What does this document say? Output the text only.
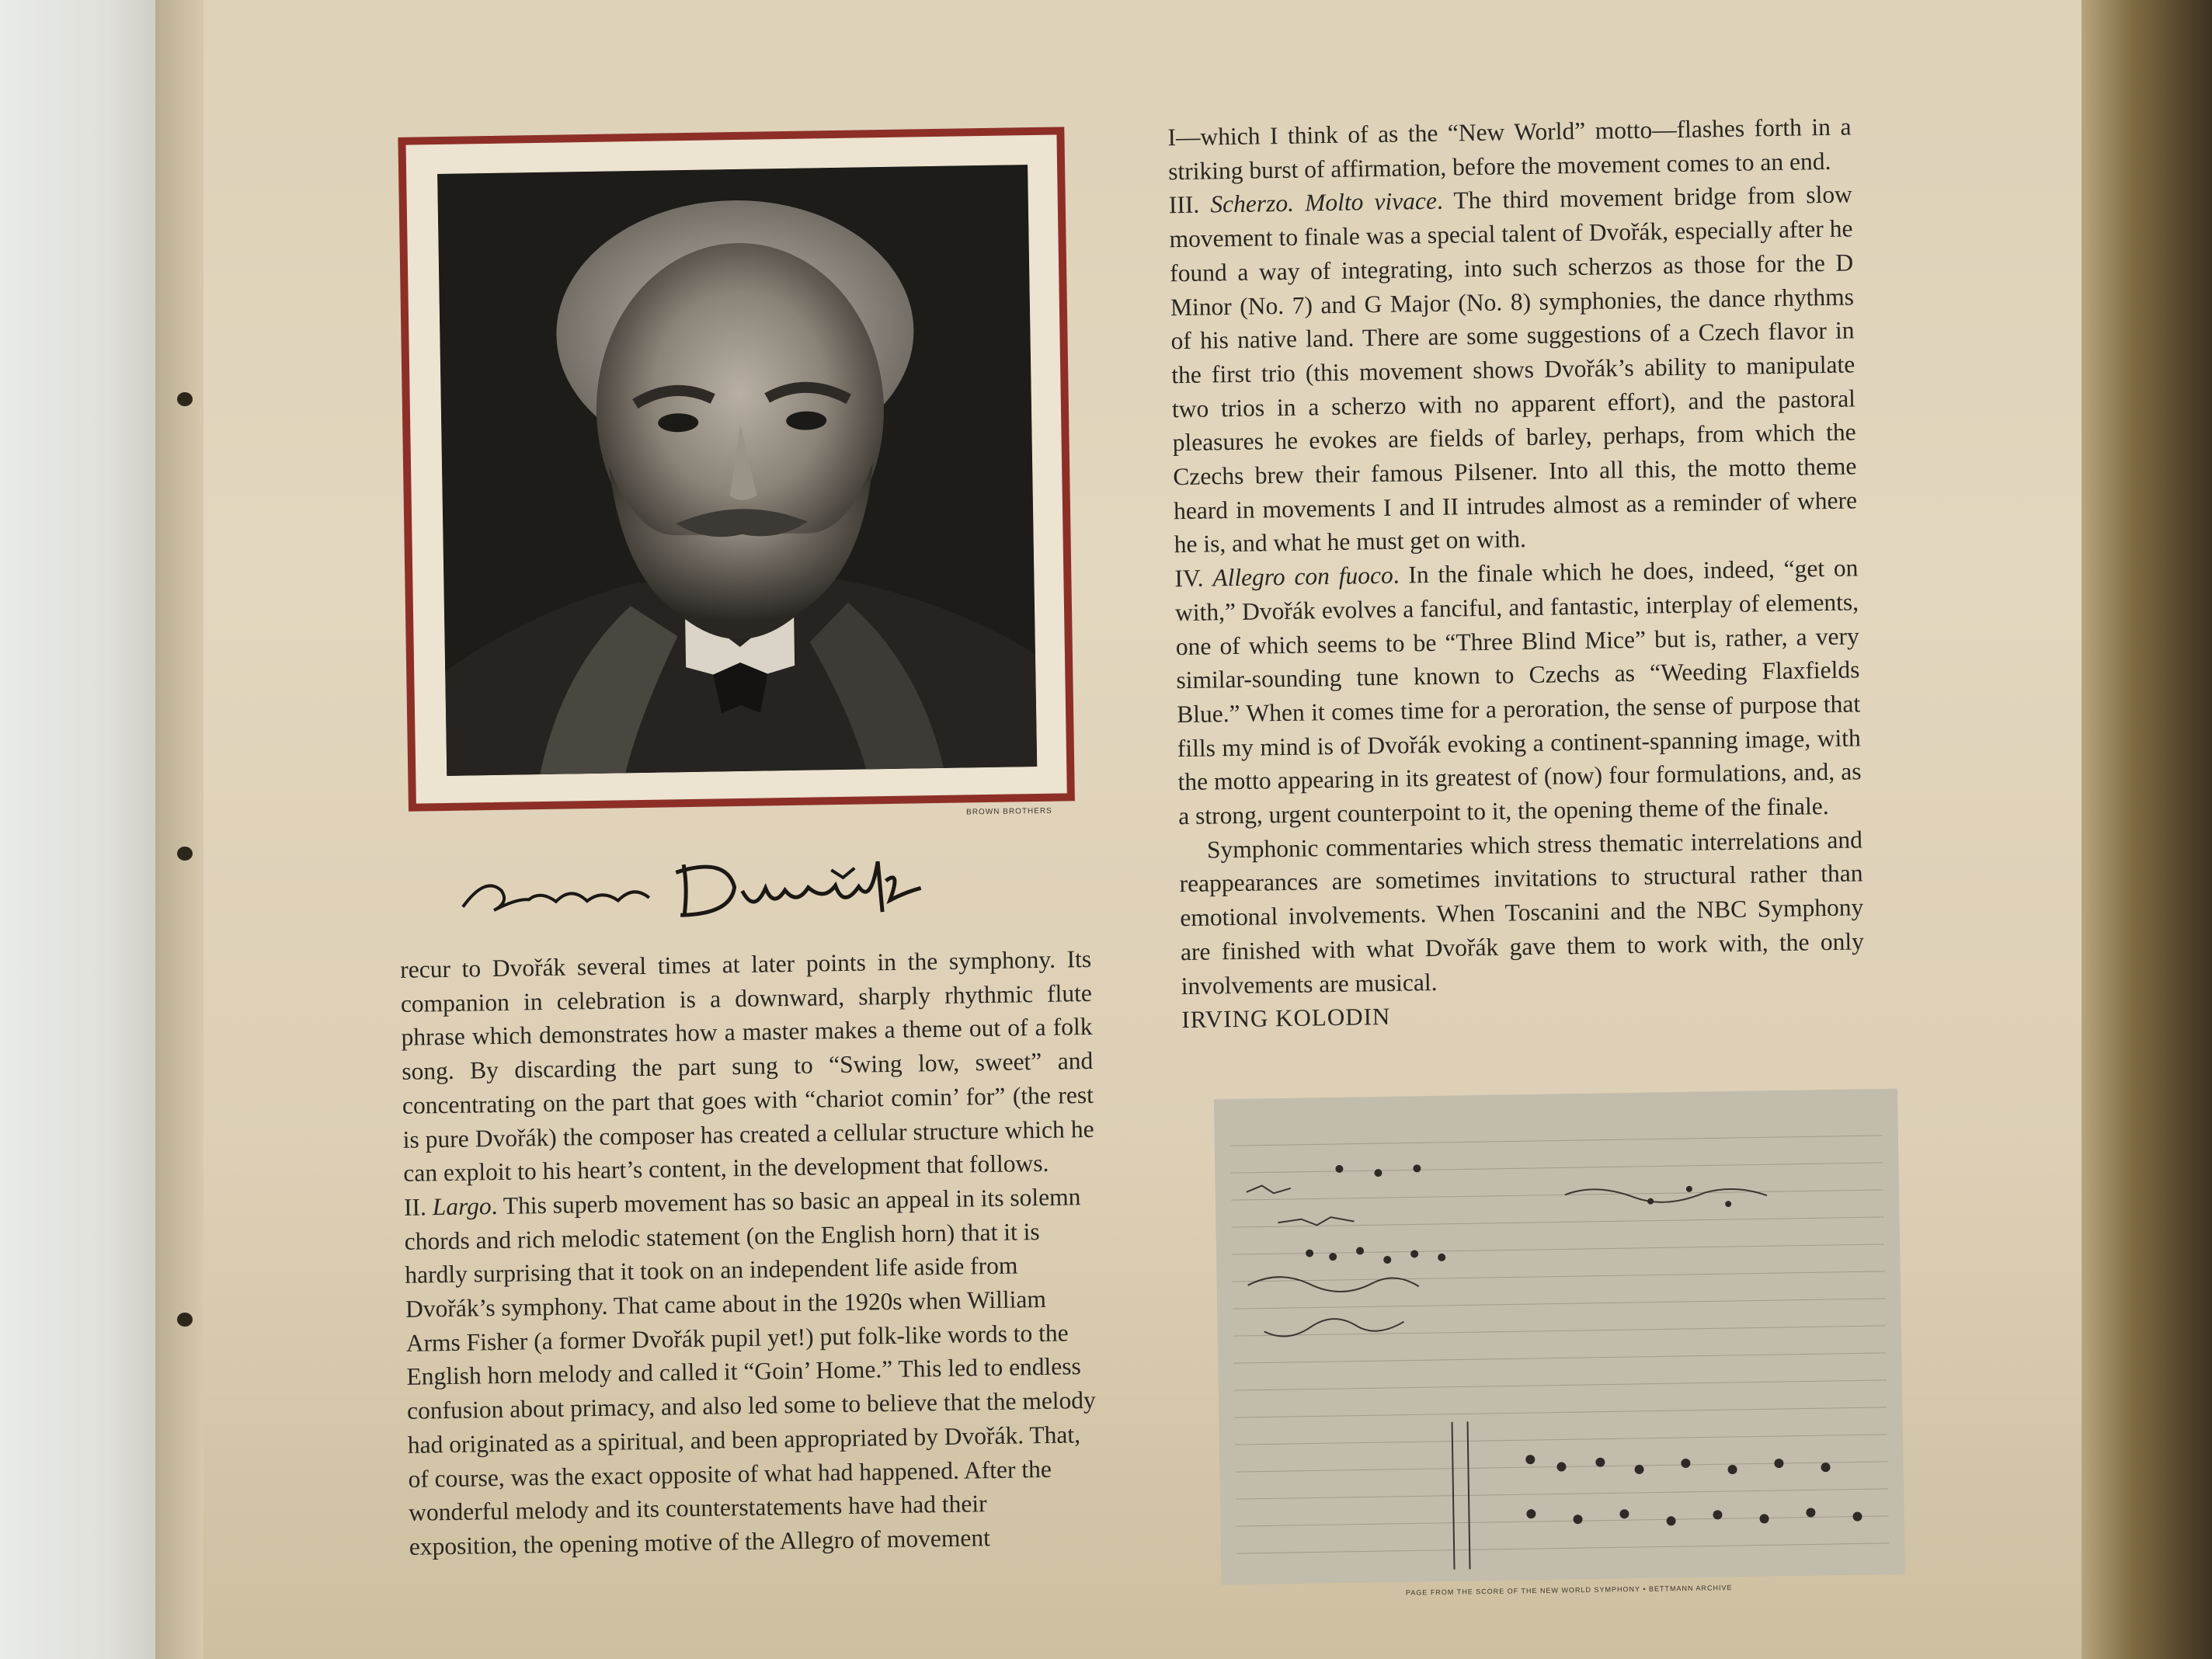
BROWN BROTHERS

recur to Dvořák several times at later points in the symphony. Its companion in celebration is a downward, sharply rhythmic flute phrase which demonstrates how a master makes a theme out of a folk song. By discarding the part sung to “Swing low, sweet” and concentrating on the part that goes with “chariot comin’ for” (the rest is pure Dvořák) the composer has created a cellular structure which he can exploit to his heart’s content, in the development that follows.

II. Largo. This superb movement has so basic an appeal in its solemn chords and rich melodic statement (on the English horn) that it is hardly surprising that it took on an independent life aside from Dvořák’s symphony. That came about in the 1920s when William Arms Fisher (a former Dvořák pupil yet!) put folk-like words to the English horn melody and called it “Goin’ Home.” This led to endless confusion about primacy, and also led some to believe that the melody had originated as a spiritual, and been appropriated by Dvořák. That, of course, was the exact opposite of what had happened. After the wonderful melody and its counterstatements have had their exposition, the opening motive of the Allegro of movement

I—which I think of as the “New World” motto—flashes forth in a striking burst of affirmation, before the movement comes to an end.

III. Scherzo. Molto vivace. The third movement bridge from slow movement to finale was a special talent of Dvořák, especially after he found a way of integrating, into such scherzos as those for the D Minor (No. 7) and G Major (No. 8) symphonies, the dance rhythms of his native land. There are some suggestions of a Czech flavor in the first trio (this movement shows Dvořák’s ability to manipulate two trios in a scherzo with no apparent effort), and the pastoral pleasures he evokes are fields of barley, perhaps, from which the Czechs brew their famous Pilsener. Into all this, the motto theme heard in movements I and II intrudes almost as a reminder of where he is, and what he must get on with.

IV. Allegro con fuoco. In the finale which he does, indeed, “get on with,” Dvořák evolves a fanciful, and fantastic, interplay of elements, one of which seems to be “Three Blind Mice” but is, rather, a very similar-sounding tune known to Czechs as “Weeding Flaxfields Blue.” When it comes time for a peroration, the sense of purpose that fills my mind is of Dvořák evoking a continent-spanning image, with the motto appearing in its greatest of (now) four formulations, and, as a strong, urgent counterpoint to it, the opening theme of the finale.

Symphonic commentaries which stress thematic interrelations and reappearances are sometimes invitations to structural rather than emotional involvements. When Toscanini and the NBC Symphony are finished with what Dvořák gave them to work with, the only involvements are musical.

IRVING KOLODIN

PAGE FROM THE SCORE OF THE NEW WORLD SYMPHONY • BETTMANN ARCHIVE
